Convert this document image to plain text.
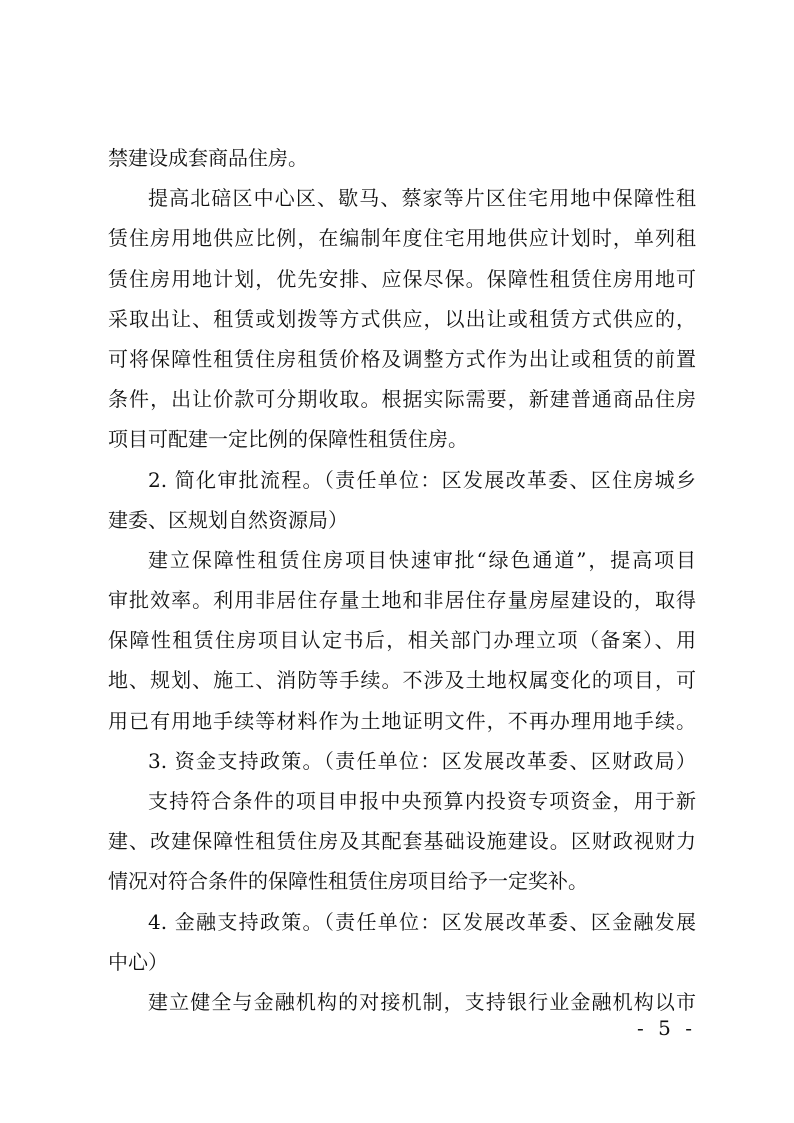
禁建设成套商品住房。
提高北碚区中心区、歇马、蔡家等片区住宅用地中保障性租
赁住房用地供应比例，在编制年度住宅用地供应计划时，单列租
赁住房用地计划，优先安排、应保尽保。保障性租赁住房用地可
采取出让、租赁或划拨等方式供应，以出让或租赁方式供应的，
可将保障性租赁住房租赁价格及调整方式作为出让或租赁的前置
条件，出让价款可分期收取。根据实际需要，新建普通商品住房
项目可配建一定比例的保障性租赁住房。
2. 简化审批流程。（责任单位：区发展改革委、区住房城乡
建委、区规划自然资源局）
建立保障性租赁住房项目快速审批“绿色通道”，提高项目
审批效率。利用非居住存量土地和非居住存量房屋建设的，取得
保障性租赁住房项目认定书后，相关部门办理立项（备案）、用
地、规划、施工、消防等手续。不涉及土地权属变化的项目，可
用已有用地手续等材料作为土地证明文件，不再办理用地手续。
3. 资金支持政策。（责任单位：区发展改革委、区财政局）
支持符合条件的项目申报中央预算内投资专项资金，用于新
建、改建保障性租赁住房及其配套基础设施建设。区财政视财力
情况对符合条件的保障性租赁住房项目给予一定奖补。
4. 金融支持政策。（责任单位：区发展改革委、区金融发展
中心）
建立健全与金融机构的对接机制，支持银行业金融机构以市
- 5 -
